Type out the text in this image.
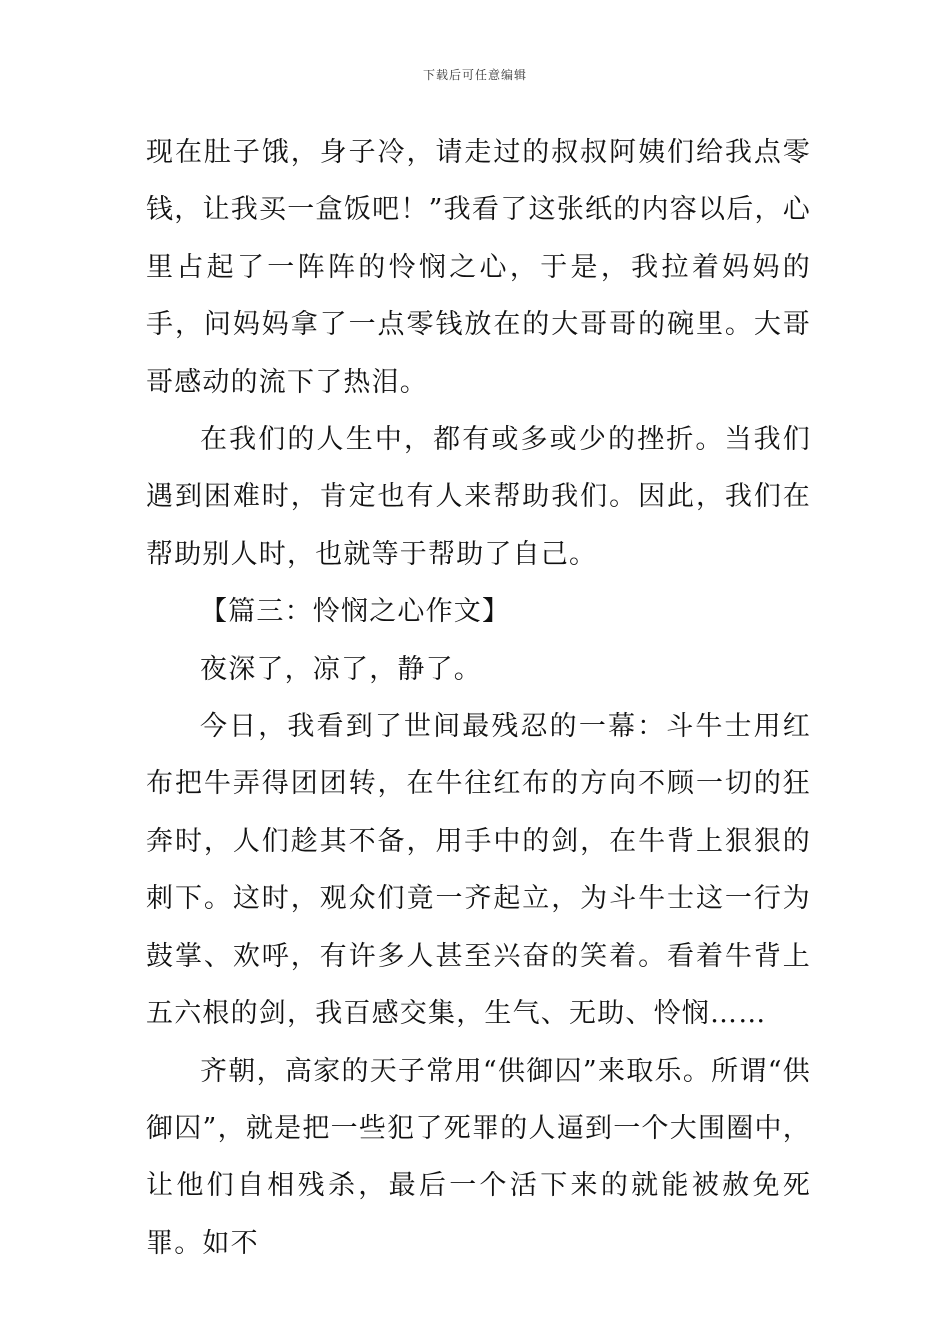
下载后可任意编辑

现在肚子饿，身子冷，请走过的叔叔阿姨们给我点零钱，让我买一盒饭吧！”我看了这张纸的内容以后，心里占起了一阵阵的怜悯之心，于是，我拉着妈妈的手，问妈妈拿了一点零钱放在的大哥哥的碗里。大哥哥感动的流下了热泪。

在我们的人生中，都有或多或少的挫折。当我们遇到困难时，肯定也有人来帮助我们。因此，我们在帮助别人时，也就等于帮助了自己。

【篇三：怜悯之心作文】

夜深了，凉了，静了。

今日，我看到了世间最残忍的一幕：斗牛士用红布把牛弄得团团转，在牛往红布的方向不顾一切的狂奔时，人们趁其不备，用手中的剑，在牛背上狠狠的刺下。这时，观众们竟一齐起立，为斗牛士这一行为鼓掌、欢呼，有许多人甚至兴奋的笑着。看着牛背上五六根的剑，我百感交集，生气、无助、怜悯……

齐朝，高家的天子常用“供御囚”来取乐。所谓“供御囚”，就是把一些犯了死罪的人逼到一个大围圈中，让他们自相残杀，最后一个活下来的就能被赦免死罪。如不
